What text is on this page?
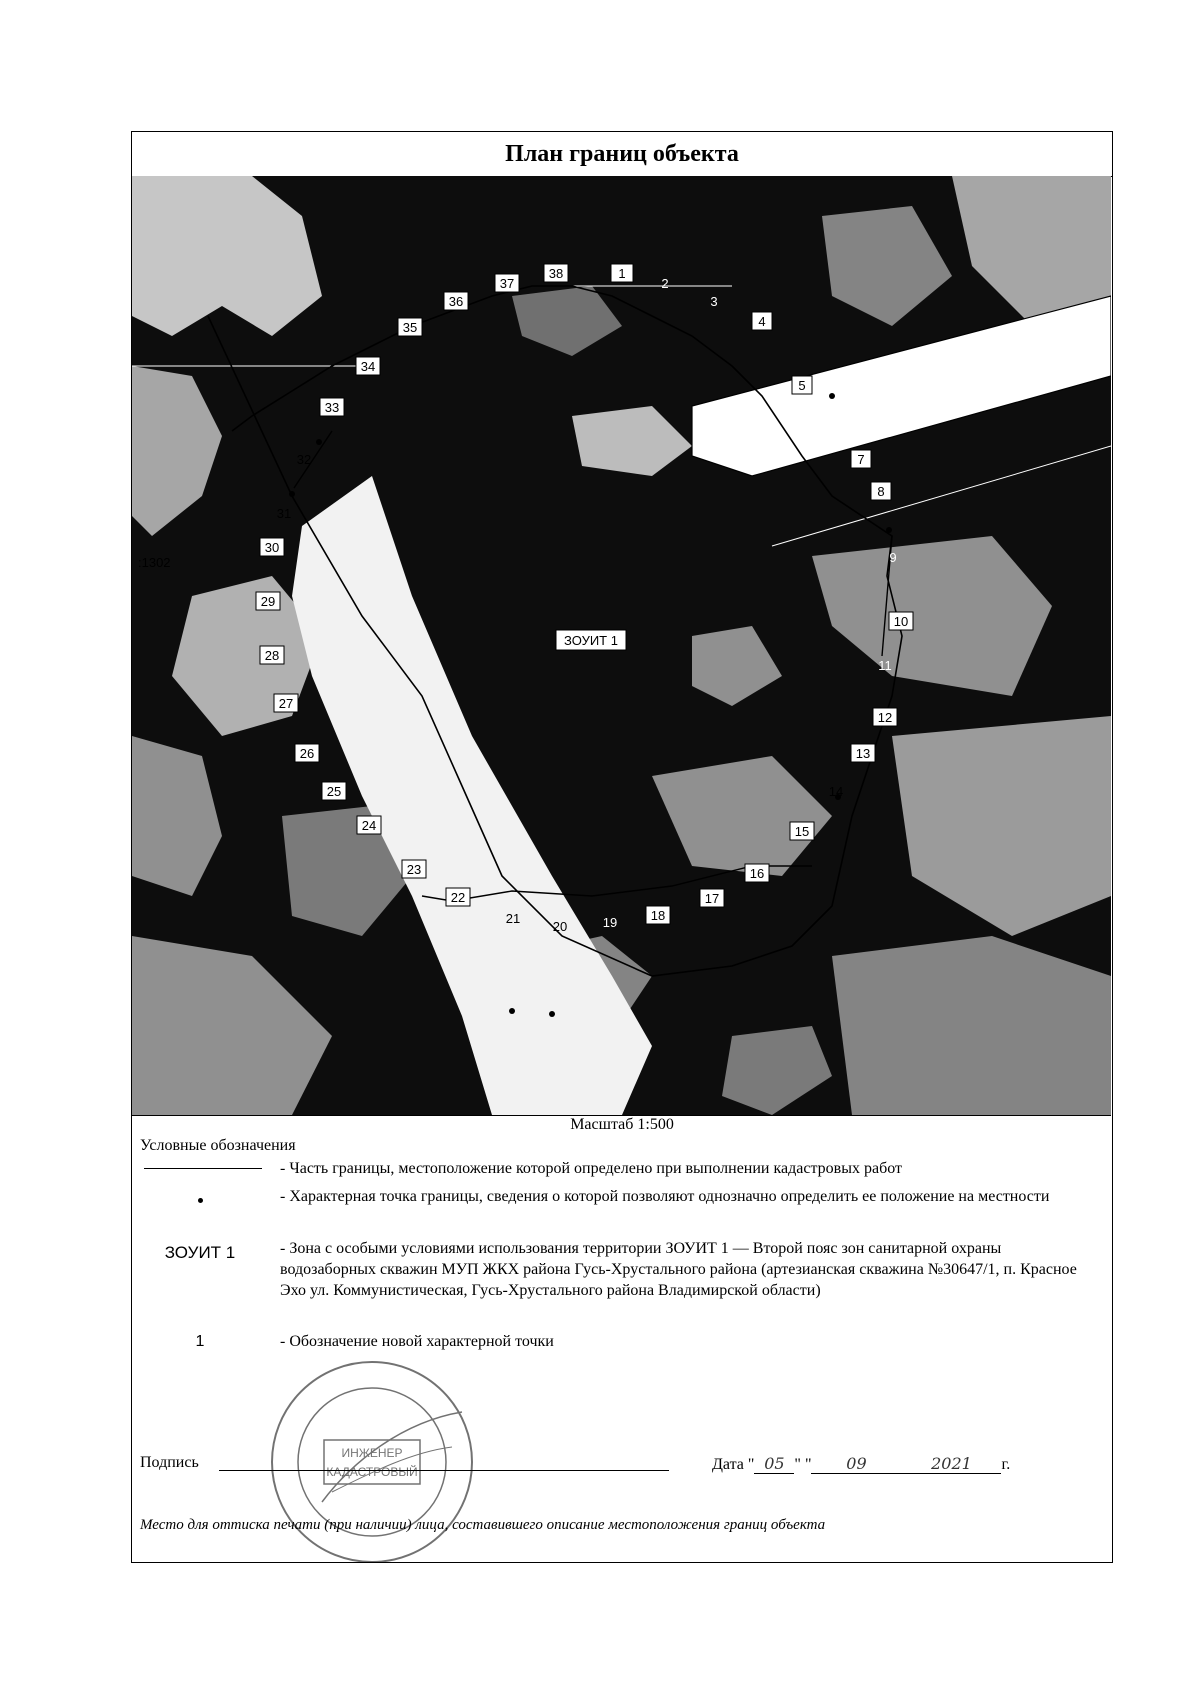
План границ объекта
1
2
3
4
5
6
7
8
9
10
11
12
13
14
15
16
17
18
19
20
21
22
23
24
25
26
27
28
29
30
31
32
33
34
35
36
37
38
ЗОУИТ 1
:1302
Масштаб 1:500
Условные обозначения
- Часть границы, местоположение которой определено при выполнении кадастровых работ
- Характерная точка границы, сведения о которой позволяют однозначно определить ее положение на местности
ЗОУИТ 1	- Зона с особыми условиями использования территории ЗОУИТ 1 — Второй пояс зон санитарной охраны водозаборных скважин МУП ЖКХ района Гусь-Хрустального района (артезианская скважина №30647/1, п. Красное Эхо ул. Коммунистическая, Гусь-Хрустального района Владимирской области)
1	- Обозначение новой характерной точки
ИНЖЕНЕР
КАДАСТРОВЫЙ
Подпись	Дата " 05 " " 09	2021 г.
Место для оттиска печати (при наличии) лица, составившего описание местоположения границ объекта
